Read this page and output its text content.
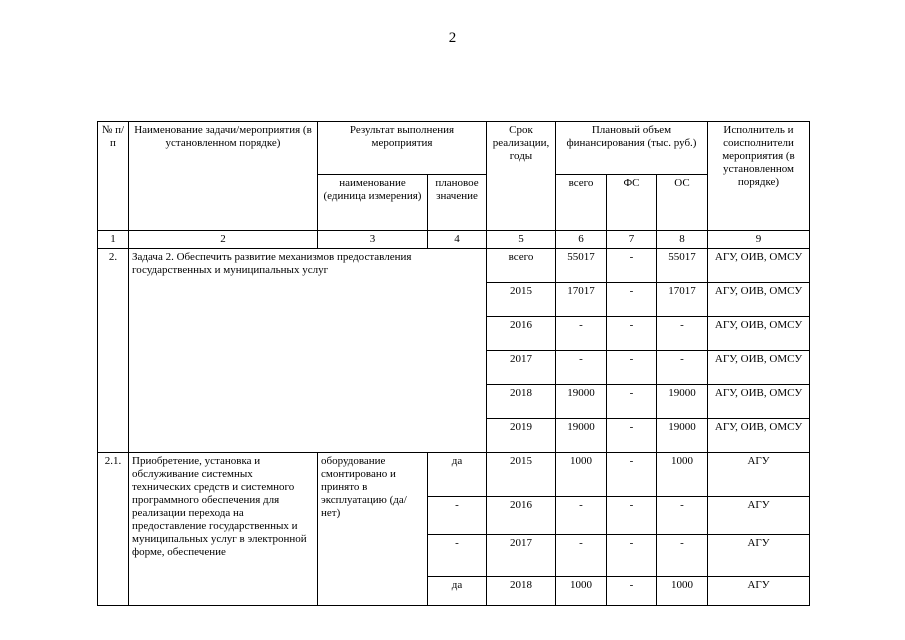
2
№ п/п	Наименование задачи/мероприятия (в установленном порядке)	Результат выполнения мероприятия		Срок реализации, годы	Плановый объем финансирования (тыс. руб.)			Исполнитель и соисполнители мероприятия (в установленном порядке)
		наименование (единица измерения)	плановое значение		всего	ФС	ОС	
1	2	3	4	5	6	7	8	9
2.	Задача 2. Обеспечить развитие механизмов предоставления государственных и муниципальных услуг			всего	55017	-	55017	АГУ, ОИВ, ОМСУ
				2015	17017	-	17017	АГУ, ОИВ, ОМСУ
				2016	-	-	-	АГУ, ОИВ, ОМСУ
				2017	-	-	-	АГУ, ОИВ, ОМСУ
				2018	19000	-	19000	АГУ, ОИВ, ОМСУ
				2019	19000	-	19000	АГУ, ОИВ, ОМСУ
2.1.	Приобретение, установка и обслуживание системных технических средств и системного программного обеспечения для реализации перехода на предоставление государственных и муниципальных услуг в электронной форме, обеспечение	оборудование смонтировано и принято в эксплуатацию (да/нет)	да	2015	1000	-	1000	АГУ
			-	2016	-	-	-	АГУ
			-	2017	-	-	-	АГУ
			да	2018	1000	-	1000	АГУ
